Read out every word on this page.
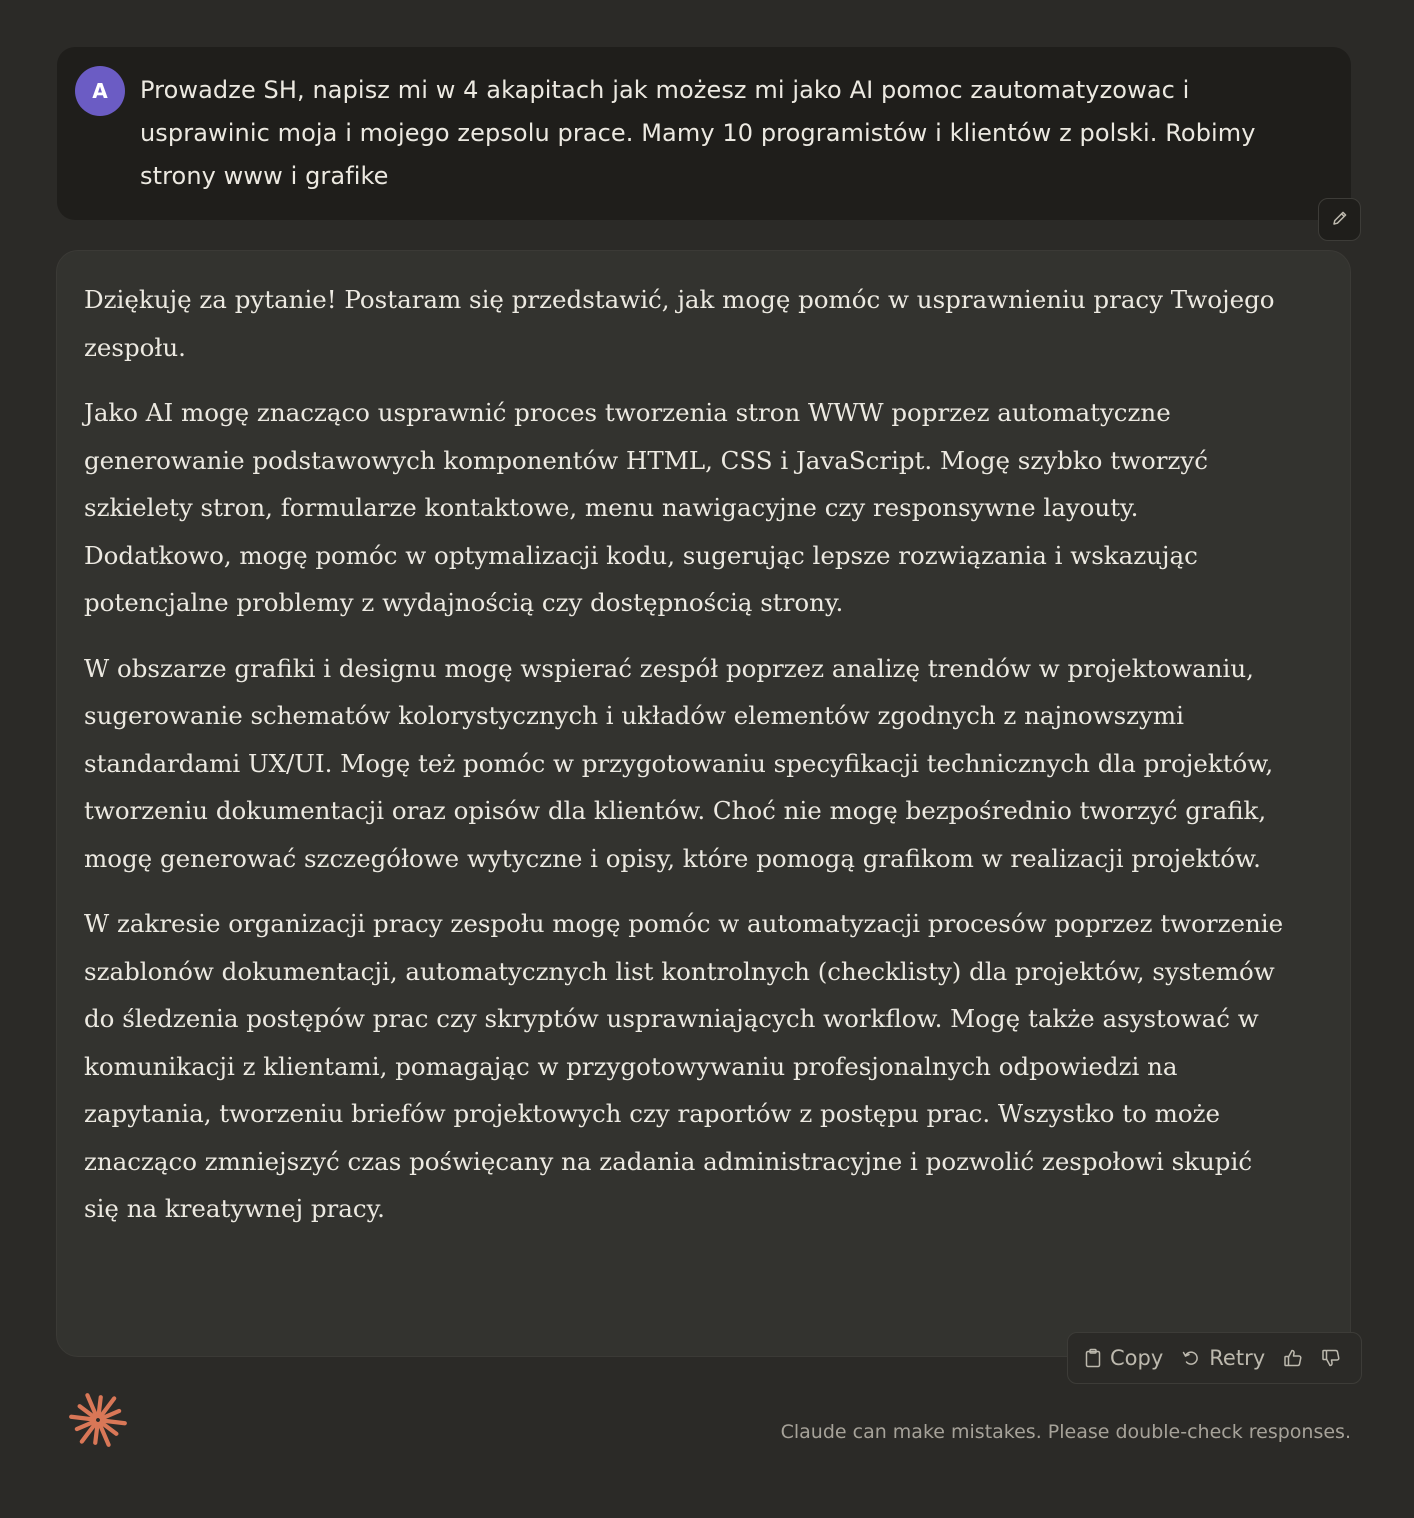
A	Prowadze SH, napisz mi w 4 akapitach jak możesz mi jako AI pomoc zautomatyzowac i usprawinic moja i mojego zepsolu prace. Mamy 10 programistów i klientów z polski. Robimy strony www i grafike

Dziękuję za pytanie! Postaram się przedstawić, jak mogę pomóc w usprawnieniu pracy Twojego zespołu.

Jako AI mogę znacząco usprawnić proces tworzenia stron WWW poprzez automatyczne generowanie podstawowych komponentów HTML, CSS i JavaScript. Mogę szybko tworzyć szkielety stron, formularze kontaktowe, menu nawigacyjne czy responsywne layouty. Dodatkowo, mogę pomóc w optymalizacji kodu, sugerując lepsze rozwiązania i wskazując potencjalne problemy z wydajnością czy dostępnością strony.

W obszarze grafiki i designu mogę wspierać zespół poprzez analizę trendów w projektowaniu, sugerowanie schematów kolorystycznych i układów elementów zgodnych z najnowszymi standardami UX/UI. Mogę też pomóc w przygotowaniu specyfikacji technicznych dla projektów, tworzeniu dokumentacji oraz opisów dla klientów. Choć nie mogę bezpośrednio tworzyć grafik, mogę generować szczegółowe wytyczne i opisy, które pomogą grafikom w realizacji projektów.

W zakresie organizacji pracy zespołu mogę pomóc w automatyzacji procesów poprzez tworzenie szablonów dokumentacji, automatycznych list kontrolnych (checklisty) dla projektów, systemów do śledzenia postępów prac czy skryptów usprawniających workflow. Mogę także asystować w komunikacji z klientami, pomagając w przygotowywaniu profesjonalnych odpowiedzi na zapytania, tworzeniu briefów projektowych czy raportów z postępu prac. Wszystko to może znacząco zmniejszyć czas poświęcany na zadania administracyjne i pozwolić zespołowi skupić się na kreatywnej pracy.

Copy Retry
Claude can make mistakes. Please double-check responses.
